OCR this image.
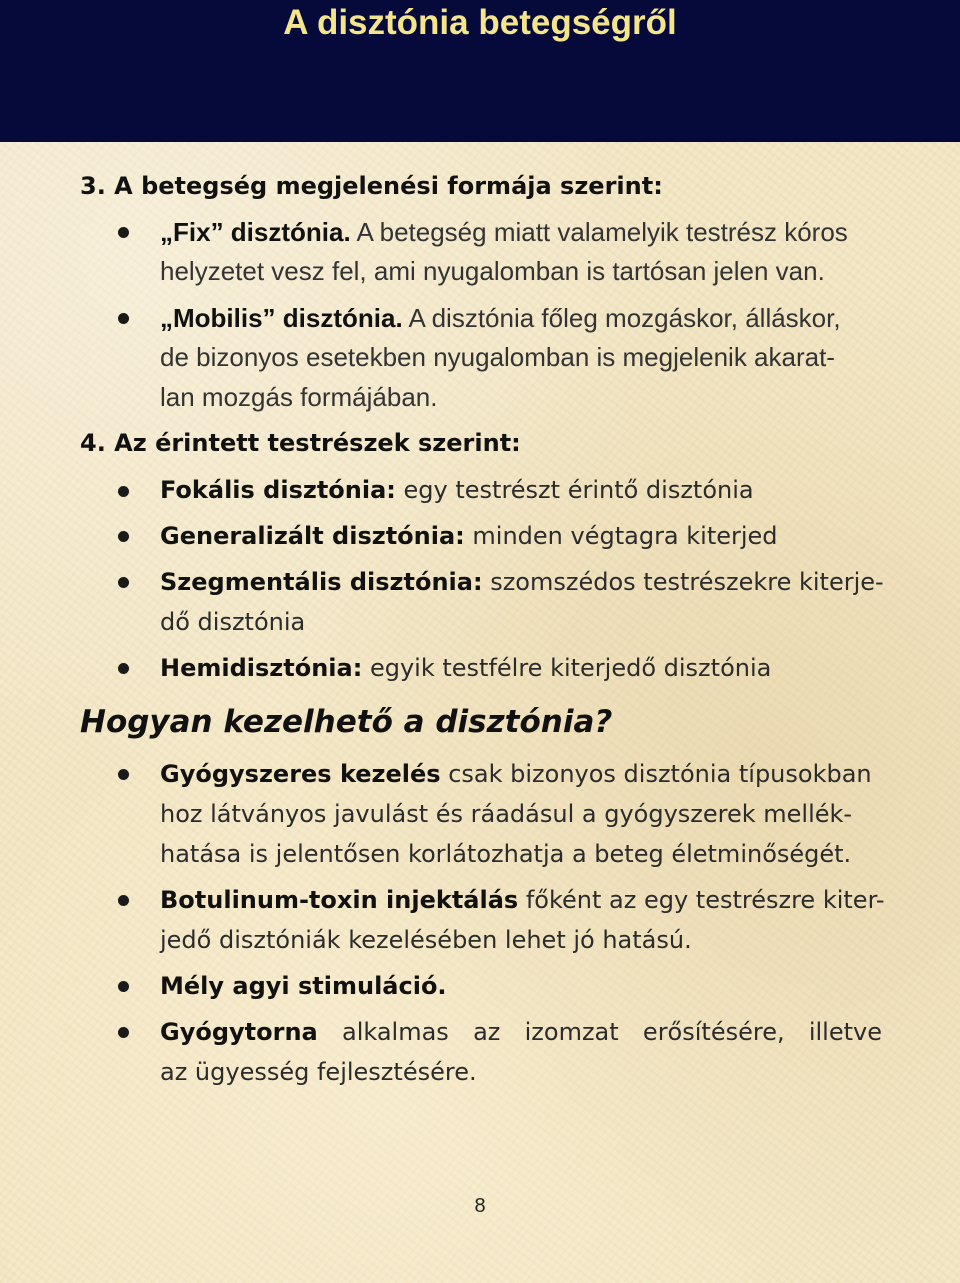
A disztónia betegségről
3. A betegség megjelenési formája szerint:
„Fix” disztónia. A betegség miatt valamelyik testrész kóros
helyzetet vesz fel, ami nyugalomban is tartósan jelen van.
„Mobilis” disztónia. A disztónia főleg mozgáskor, álláskor,
de bizonyos esetekben nyugalomban is megjelenik akarat-
lan mozgás formájában.
4. Az érintett testrészek szerint:
Fokális disztónia: egy testrészt érintő disztónia
Generalizált disztónia: minden végtagra kiterjed
Szegmentális disztónia: szomszédos testrészekre kiterje-
dő disztónia
Hemidisztónia: egyik testfélre kiterjedő disztónia
Hogyan kezelhető a disztónia?
Gyógyszeres kezelés csak bizonyos disztónia típusokban
hoz látványos javulást és ráadásul a gyógyszerek mellék-
hatása is jelentősen korlátozhatja a beteg életminőségét.
Botulinum-toxin injektálás főként az egy testrészre kiter-
jedő disztóniák kezelésében lehet jó hatású.
Mély agyi stimuláció.
Gyógytorna alkalmas az izomzat erősítésére, illetve
az ügyesség fejlesztésére.
8
